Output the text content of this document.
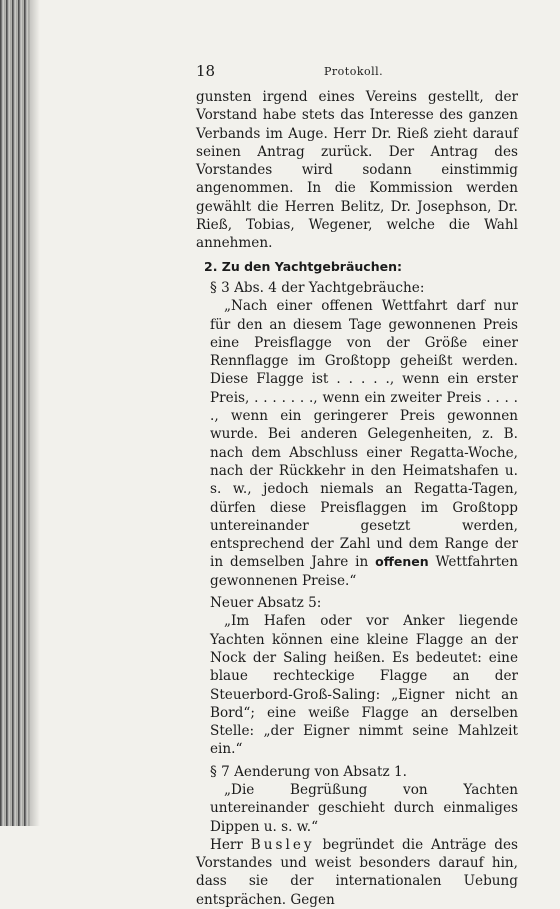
18	Protokoll.

gunsten irgend eines Vereins gestellt, der Vorstand habe stets das Interesse des ganzen Verbands im Auge. Herr Dr. Rieß zieht darauf seinen Antrag zurück. Der Antrag des Vorstandes wird sodann einstimmig angenommen. In die Kommission werden gewählt die Herren Belitz, Dr. Josephson, Dr. Rieß, Tobias, Wegener, welche die Wahl annehmen.

2. Zu den Yachtgebräuchen:

§ 3 Abs. 4 der Yachtgebräuche:

„Nach einer offenen Wettfahrt darf nur für den an diesem Tage gewonnenen Preis eine Preisflagge von der Größe einer Rennflagge im Großtopp geheißt werden. Diese Flagge ist . . . . ., wenn ein erster Preis, . . . . . . ., wenn ein zweiter Preis . . . . ., wenn ein geringerer Preis gewonnen wurde. Bei anderen Gelegenheiten, z. B. nach dem Abschluss einer Regatta-Woche, nach der Rückkehr in den Heimatshafen u. s. w., jedoch niemals an Regatta-Tagen, dürfen diese Preisflaggen im Großtopp untereinander gesetzt werden, entsprechend der Zahl und dem Range der in demselben Jahre in offenen Wettfahrten gewonnenen Preise.“

Neuer Absatz 5:

„Im Hafen oder vor Anker liegende Yachten können eine kleine Flagge an der Nock der Saling heißen. Es bedeutet: eine blaue rechteckige Flagge an der Steuerbord-Groß-Saling: „Eigner nicht an Bord“; eine weiße Flagge an derselben Stelle: „der Eigner nimmt seine Mahlzeit ein.“

§ 7 Aenderung von Absatz 1.

„Die Begrüßung von Yachten untereinander geschieht durch einmaliges Dippen u. s. w.“

Herr Busley begründet die Anträge des Vorstandes und weist besonders darauf hin, dass sie der internationalen Uebung entsprächen. Gegen
